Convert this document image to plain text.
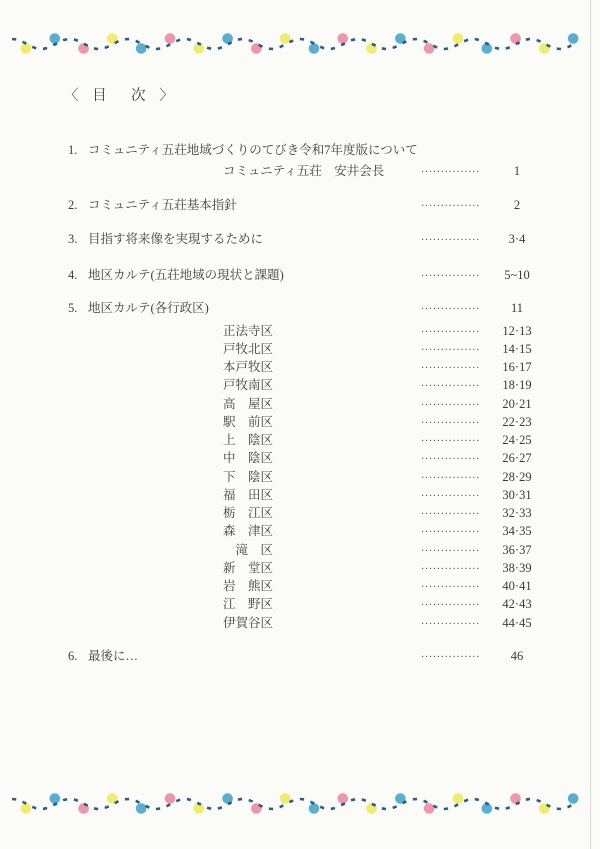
〈 目　次 〉
1. コミュニティ五荘地域づくりのてびき令和7年度版について
コミュニティ五荘　安井会長	···············	1
2. コミュニティ五荘基本指針	···············	2
3. 目指す将来像を実現するために	···············	3·4
4. 地区カルテ(五荘地域の現状と課題)	···············	5~10
5. 地区カルテ(各行政区)	···············	11
正法寺区	···············	12·13
戸牧北区	···············	14·15
本戸牧区	···············	16·17
戸牧南区	···············	18·19
高　屋区	···············	20·21
駅　前区	···············	22·23
上　陰区	···············	24·25
中　陰区	···············	26·27
下　陰区	···············	28·29
福　田区	···············	30·31
栃　江区	···············	32·33
森　津区	···············	34·35
　滝　区	···············	36·37
新　堂区	···············	38·39
岩　熊区	···············	40·41
江　野区	···············	42·43
伊賀谷区	···············	44·45
6. 最後に…	···············	46
